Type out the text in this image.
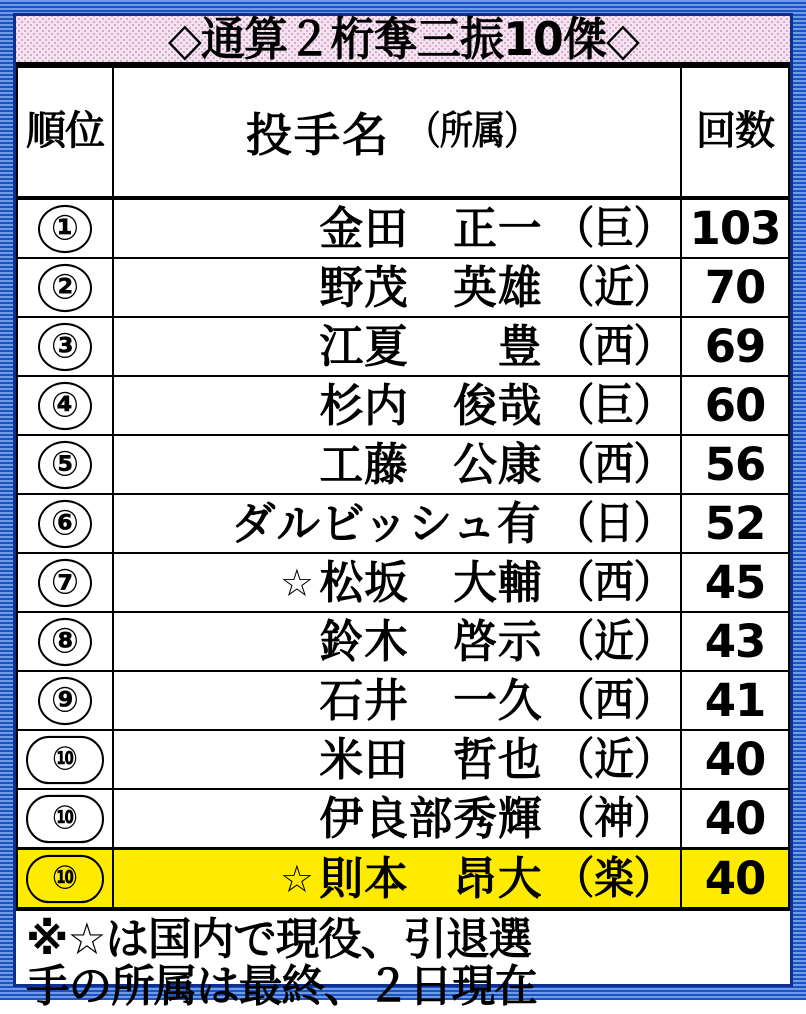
◇通算２桁奪三振10傑◇
順位	投手名 （所属）	回数
①	金田　正一 （巨）	103
②	野茂　英雄 （近）	70
③	江夏　　豊 （西）	69
④	杉内　俊哉 （巨）	60
⑤	工藤　公康 （西）	56
⑥	ダルビッシュ有 （日）	52
⑦	☆ 松坂　大輔 （西）	45
⑧	鈴木　啓示 （近）	43
⑨	石井　一久 （西）	41
⑩	米田　哲也 （近）	40
⑩	伊良部秀輝 （神）	40
⑩	☆ 則本　昂大 （楽）	40
※☆は国内で現役、引退選
手の所属は最終、２日現在
